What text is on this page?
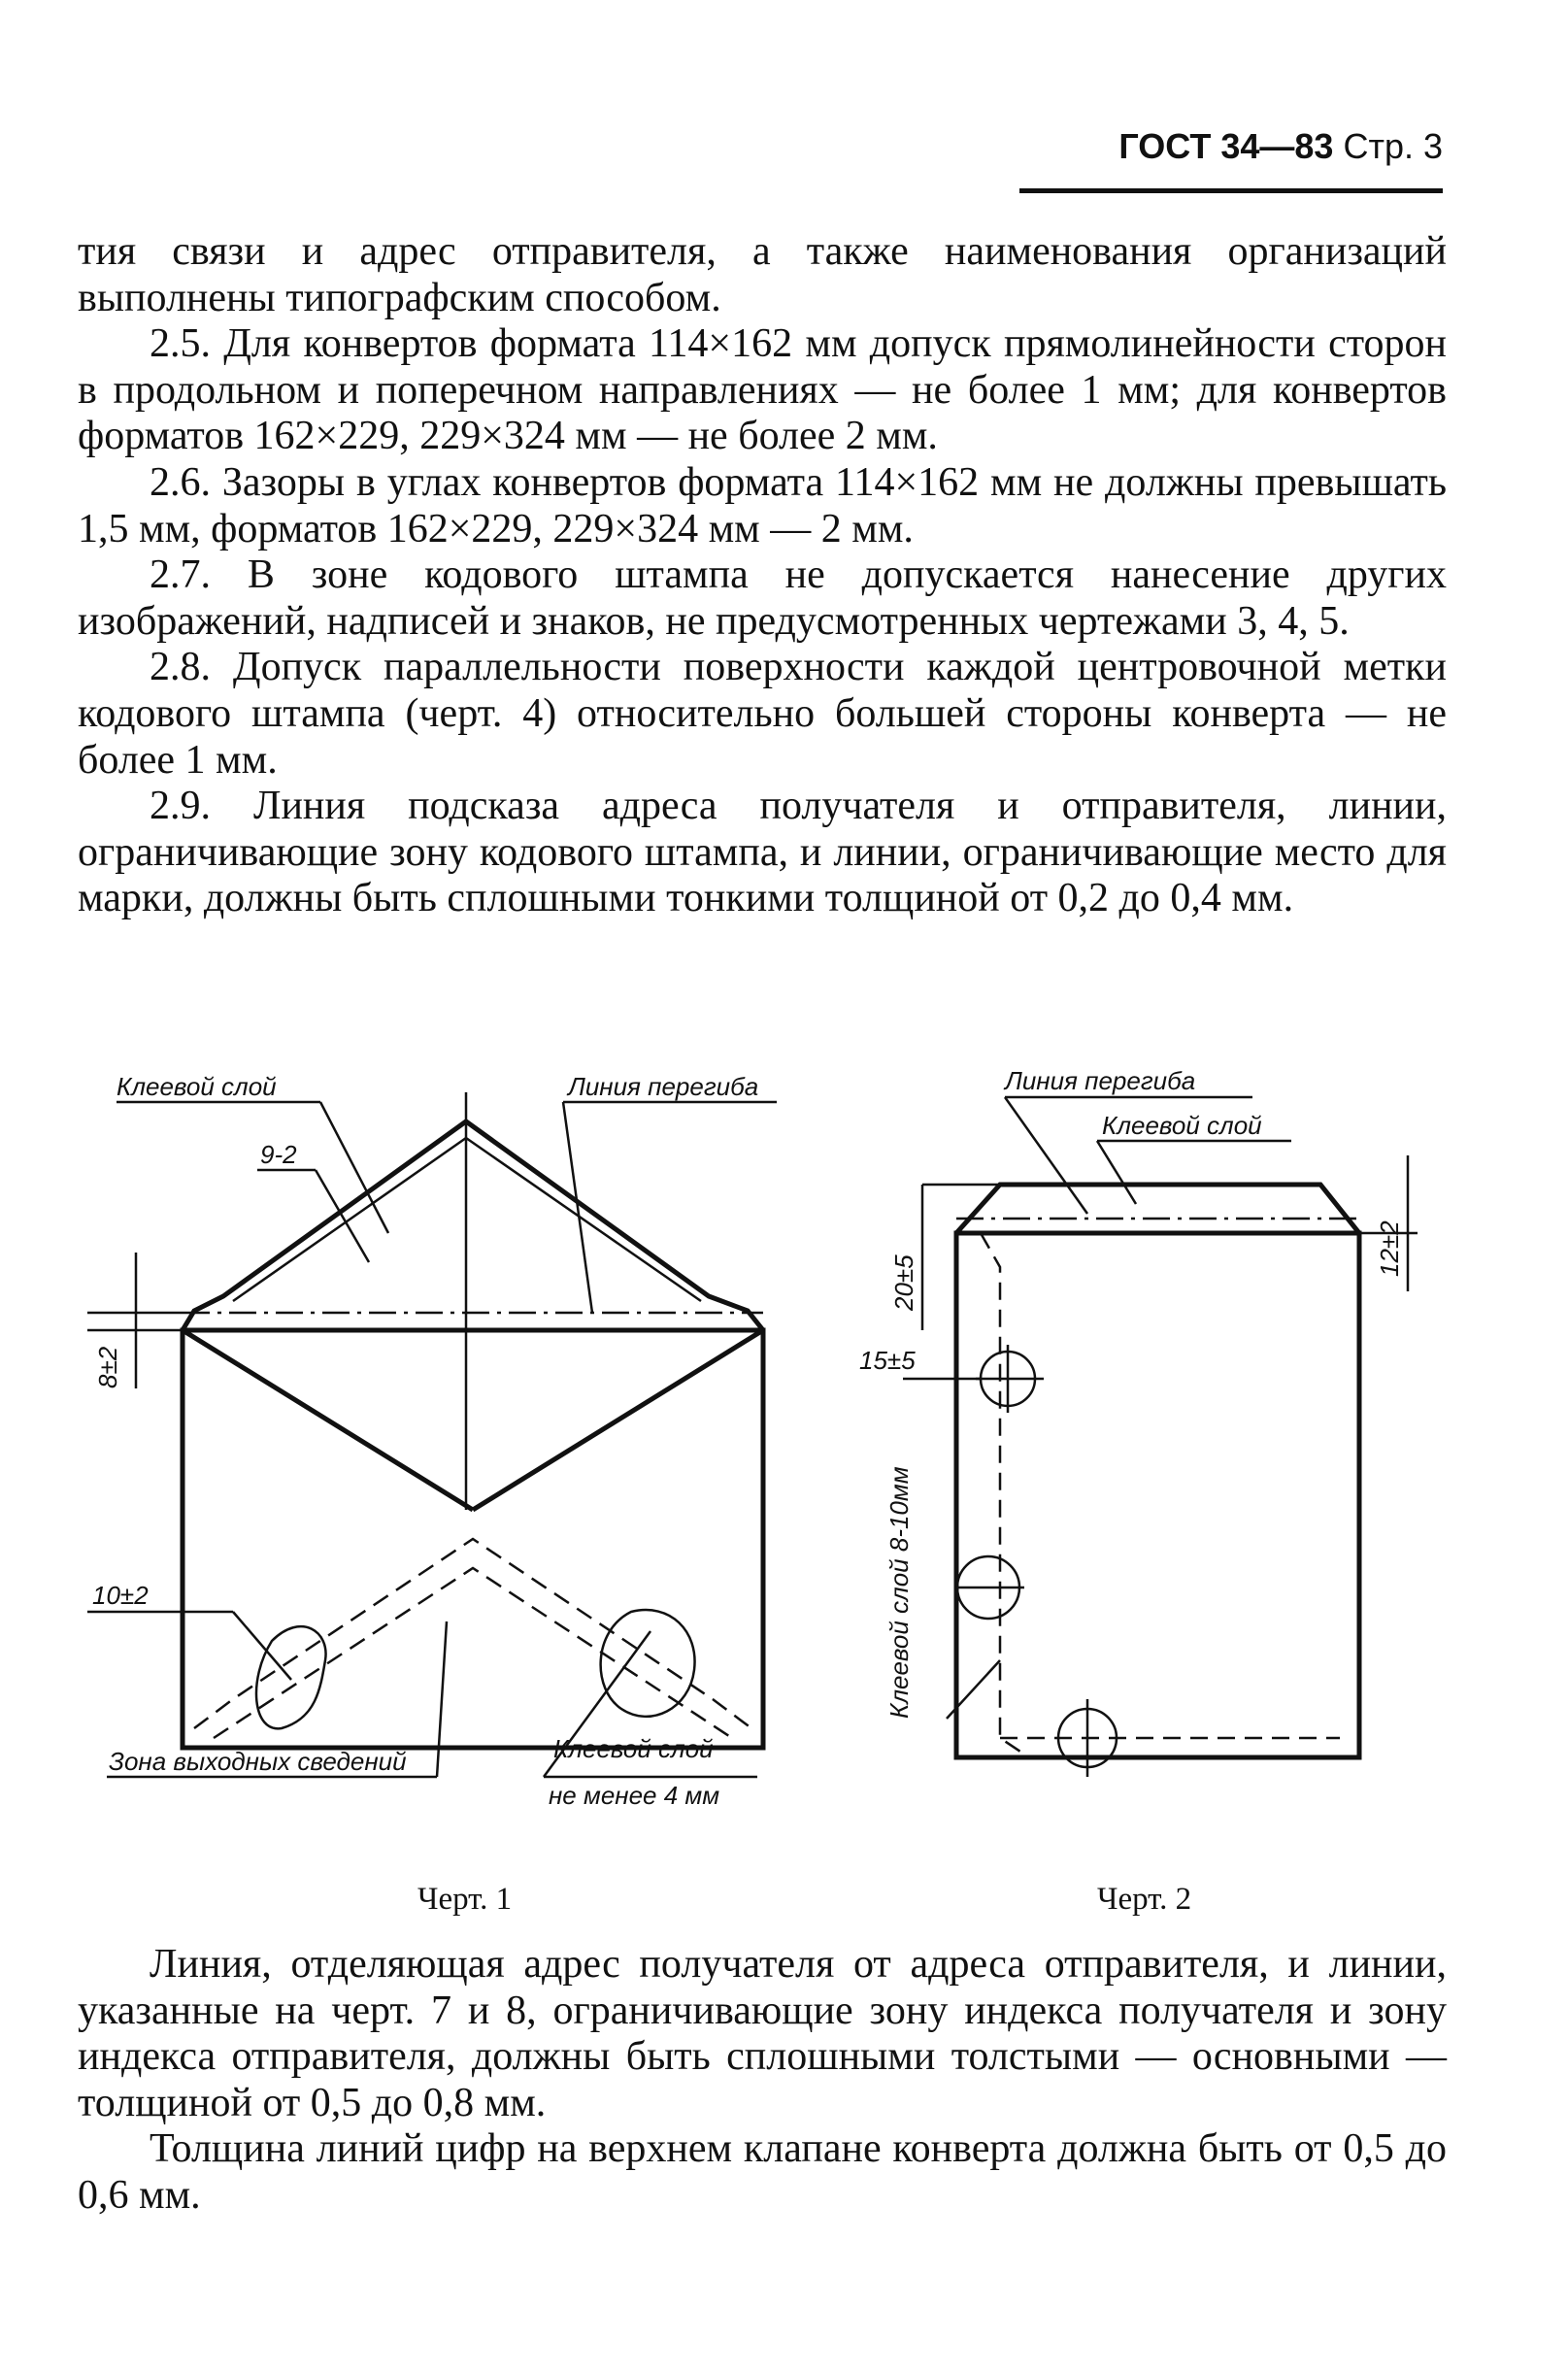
ГОСТ 34—83 Стр. 3

тия связи и адрес отправителя, а также наименования организаций выполнены типографским способом.

2.5. Для конвертов формата 114×162 мм допуск прямолинейности сторон в продольном и поперечном направлениях — не более 1 мм; для конвертов форматов 162×229, 229×324 мм — не более 2 мм.

2.6. Зазоры в углах конвертов формата 114×162 мм не должны превышать 1,5 мм, форматов 162×229, 229×324 мм — 2 мм.

2.7. В зоне кодового штампа не допускается нанесение других изображений, надписей и знаков, не предусмотренных чертежами 3, 4, 5.

2.8. Допуск параллельности поверхности каждой центровочной метки кодового штампа (черт. 4) относительно большей стороны конверта — не более 1 мм.

2.9. Линия подсказа адреса получателя и отправителя, линии, ограничивающие зону кодового штампа, и линии, ограничивающие место для марки, должны быть сплошными тонкими толщиной от 0,2 до 0,4 мм.

Клеевой слой	Линия перегиба
9-2
8±2
10±2
Зона выходных сведений	Клеевой слой
не менее 4 мм
Черт. 1
Линия перегиба
Клеевой слой
20±5
12±2
15±5
Клеевой слой 8-10мм
Черт. 2

Линия, отделяющая адрес получателя от адреса отправителя, и линии, указанные на черт. 7 и 8, ограничивающие зону индекса получателя и зону индекса отправителя, должны быть сплошными толстыми — основными — толщиной от 0,5 до 0,8 мм.

Толщина линий цифр на верхнем клапане конверта должна быть от 0,5 до 0,6 мм.
